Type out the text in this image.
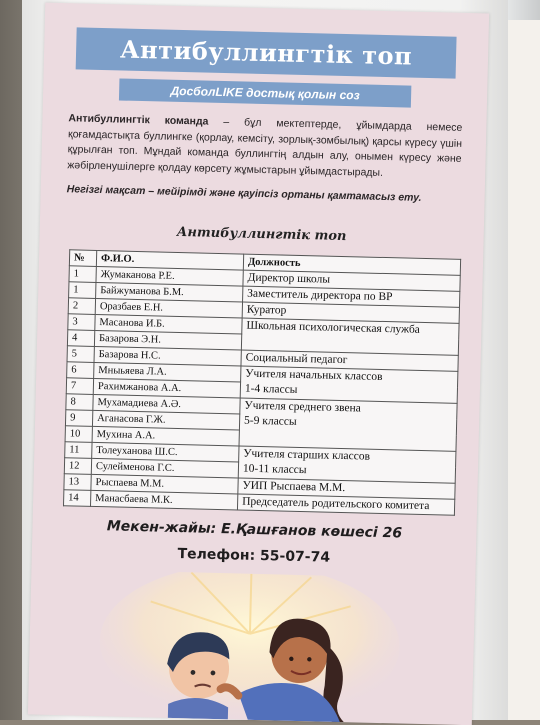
Антибуллингтік топ
ДосболLIKE достық қолын соз
Антибуллингтік команда – бұл мектептерде, ұйымдарда немесе қоғамдастықта буллингке (қорлау, кемсіту, зорлық-зомбылық) қарсы күресу үшін құрылған топ. Мұндай команда буллингтің алдын алу, онымен күресу және жәбірленушілерге қолдау көрсету жұмыстарын ұйымдастырады.
Негізгі мақсат – мейірімді және қауіпсіз ортаны қамтамасыз ету.
Антибуллингтік топ
№	Ф.И.О.	Должность
1	Жумаканова Р.Е.	Директор школы
1	Байжуманова Б.М.	Заместитель директора по ВР
2	Оразбаев Е.Н.	Куратор
3	Масанова И.Б.	Школьная психологическая служба
4	Базарова Э.Н.	
5	Базарова Н.С.	Социальный педагог
6	Мныьяева Л.А.	Учителя начальных классов
1-4 классы
7	Рахимжанова А.А.	
8	Мухамадиева А.Ә.	Учителя среднего звена
5-9 классы
9	Аганасова Г.Ж.	
10	Мухина А.А.	
11	Толеуханова Ш.С.	Учителя старших классов
10-11 классы
12	Сулейменова Г.С.	
13	Рыспаева М.М.	УИП Рыспаева М.М.
14	Манасбаева М.К.	Председатель родительского комитета
Мекен-жайы: Е.Қашғанов көшесі 26
Телефон: 55-07-74
